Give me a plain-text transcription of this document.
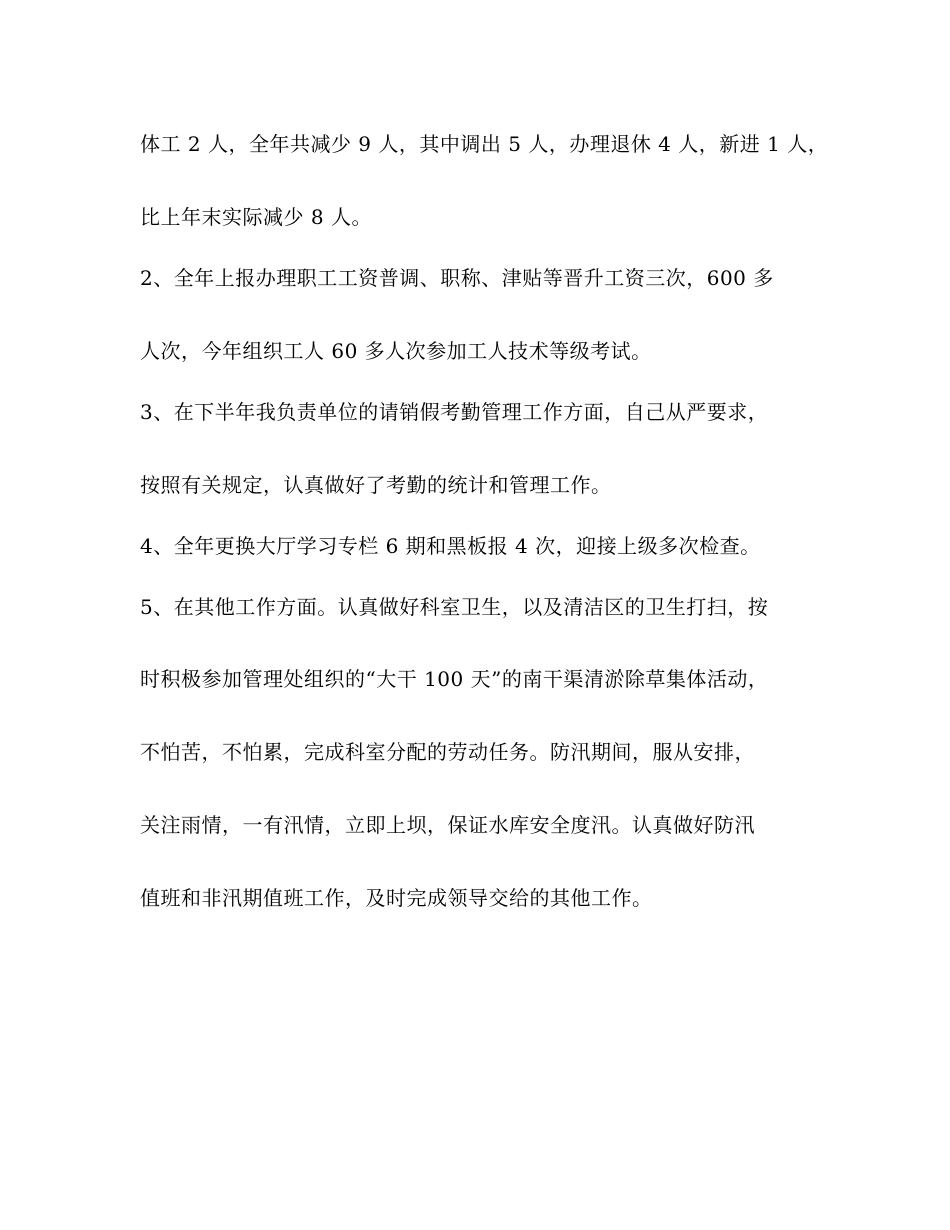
体工 2 人，全年共减少 9 人，其中调出 5 人，办理退休 4 人，新进 1 人，
比上年末实际减少 8 人。
2、全年上报办理职工工资普调、职称、津贴等晋升工资三次，600 多
人次，今年组织工人 60 多人次参加工人技术等级考试。
3、在下半年我负责单位的请销假考勤管理工作方面，自己从严要求，
按照有关规定，认真做好了考勤的统计和管理工作。
4、全年更换大厅学习专栏 6 期和黑板报 4 次，迎接上级多次检查。
5、在其他工作方面。认真做好科室卫生，以及清洁区的卫生打扫，按
时积极参加管理处组织的“大干 100 天”的南干渠清淤除草集体活动，
不怕苦，不怕累，完成科室分配的劳动任务。防汛期间，服从安排，
关注雨情，一有汛情，立即上坝，保证水库安全度汛。认真做好防汛
值班和非汛期值班工作，及时完成领导交给的其他工作。
